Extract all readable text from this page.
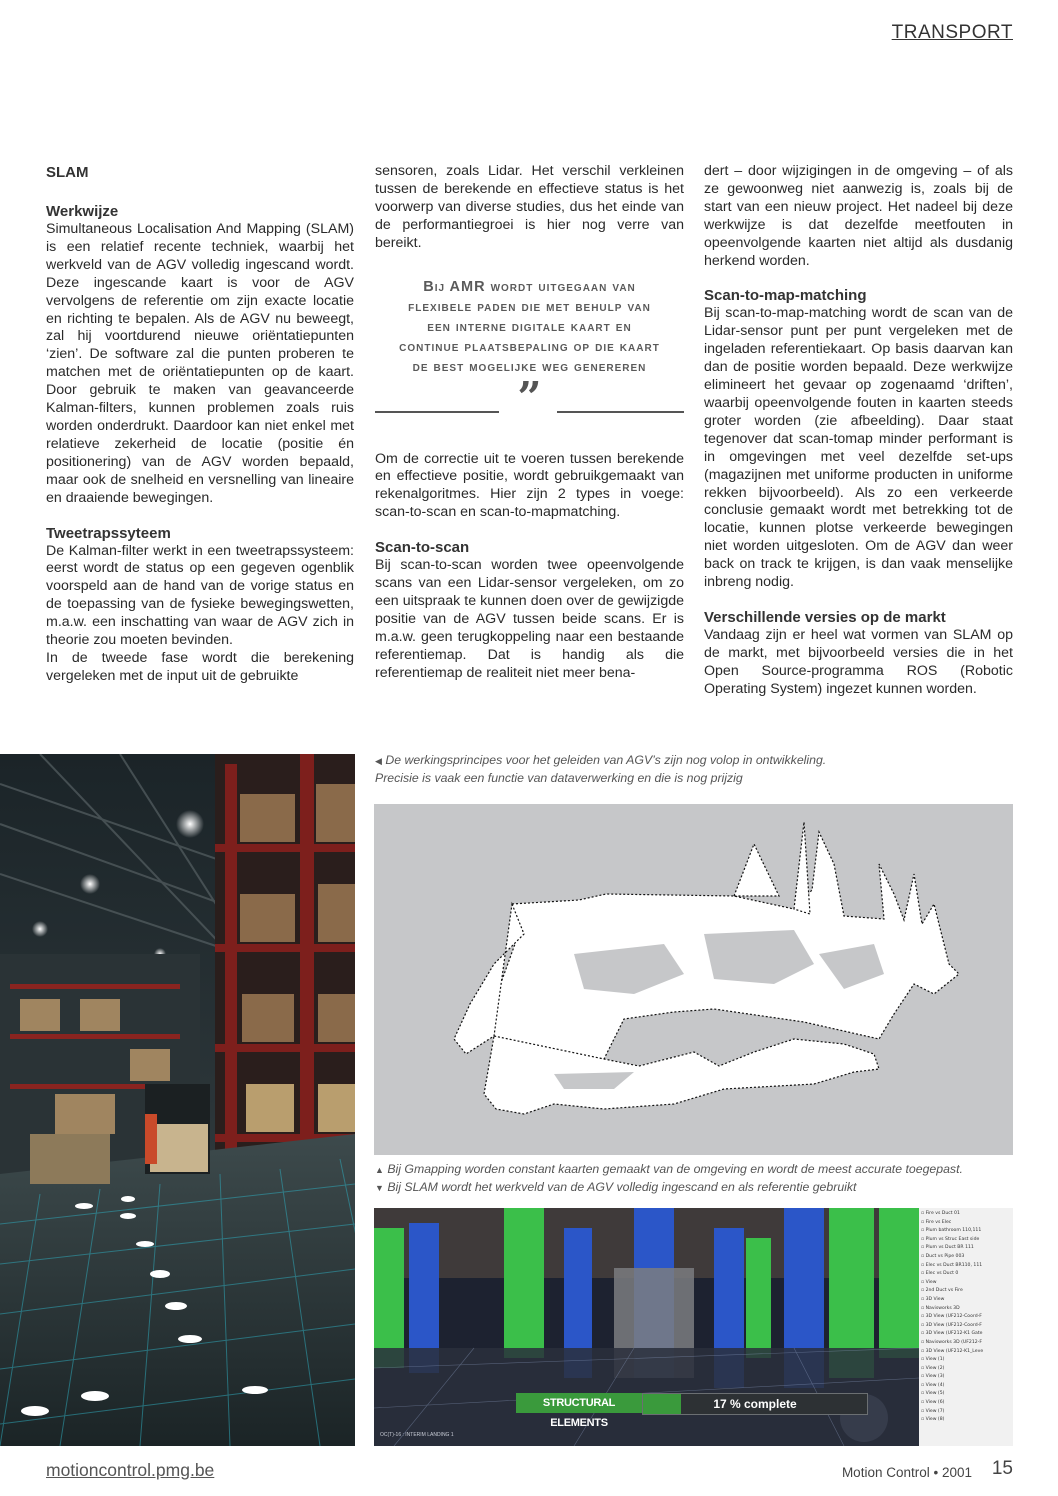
TRANSPORT
SLAM
Werkwijze

Simultaneous Localisation And Mapping (SLAM) is een relatief recente techniek, waarbij het werkveld van de AGV volledig ingescand wordt. Deze ingescande kaart is voor de AGV vervolgens de referentie om zijn exacte locatie en richting te bepalen. Als de AGV nu beweegt, zal hij voortdurend nieuwe oriëntatiepunten ‘zien’. De software zal die punten proberen te matchen met de oriëntatiepunten op de kaart. Door gebruik te maken van geavanceerde Kalman-filters, kunnen problemen zoals ruis worden onderdrukt. Daardoor kan niet enkel met relatieve zekerheid de locatie (positie én positionering) van de AGV worden bepaald, maar ook de snelheid en versnelling van lineaire en draaiende bewegingen.

Tweetrapssyteem

De Kalman-filter werkt in een tweetrapssysteem: eerst wordt de status op een gegeven ogenblik voorspeld aan de hand van de vorige status en de toepassing van de fysieke bewegingswetten, m.a.w. een inschatting van waar de AGV zich in theorie zou moeten bevinden.

In de tweede fase wordt die berekening vergeleken met de input uit de gebruikte

sensoren, zoals Lidar. Het verschil verkleinen tussen de berekende en effectieve status is het voorwerp van diverse studies, dus het einde van de performantiegroei is hier nog verre van bereikt.

Bij AMR wordt uitgegaan van flexibele paden die met behulp van een interne digitale kaart en continue plaatsbepaling op die kaart de best mogelijke weg genereren
”

Om de correctie uit te voeren tussen berekende en effectieve positie, wordt gebruikgemaakt van rekenalgoritmes. Hier zijn 2 types in voege: scan-to-scan en scan-to-mapmatching.

Scan-to-scan

Bij scan-to-scan worden twee opeenvolgende scans van een Lidar-sensor vergeleken, om zo een uitspraak te kunnen doen over de gewijzigde positie van de AGV tussen beide scans. Er is m.a.w. geen terugkoppeling naar een bestaande referentiemap. Dat is handig als die referentiemap de realiteit niet meer bena-

dert – door wijzigingen in de omgeving – of als ze gewoonweg niet aanwezig is, zoals bij de start van een nieuw project. Het nadeel bij deze werkwijze is dat dezelfde meetfouten in opeenvolgende kaarten niet altijd als dusdanig herkend worden.

Scan-to-map-matching

Bij scan-to-map-matching wordt de scan van de Lidar-sensor punt per punt vergeleken met de ingeladen referentiekaart. Op basis daarvan kan dan de positie worden bepaald. Deze werkwijze elimineert het gevaar op zogenaamd ‘driften’, waarbij opeenvolgende fouten in kaarten steeds groter worden (zie afbeelding). Daar staat tegenover dat scan-tomap minder performant is in omgevingen met veel dezelfde set-ups (magazijnen met uniforme producten in uniforme rekken bijvoorbeeld). Als zo een verkeerde conclusie gemaakt wordt met betrekking tot de locatie, kunnen plotse verkeerde bewegingen niet worden uitgesloten. Om de AGV dan weer back on track te krijgen, is dan vaak menselijke inbreng nodig.

Verschillende versies op de markt

Vandaag zijn er heel wat vormen van SLAM op de markt, met bijvoorbeeld versies die in het Open Source-programma ROS (Robotic Operating System) ingezet kunnen worden.

◀ De werkingsprincipes voor het geleiden van AGV’s zijn nog volop in ontwikkeling.
Precisie is vaak een functie van dataverwerking en die is nog prijzig
▲ Bij Gmapping worden constant kaarten gemaakt van de omgeving en wordt de meest accurate toegepast.
▼ Bij SLAM wordt het werkveld van de AGV volledig ingescand en als referentie gebruikt
STRUCTURAL ELEMENTS
17 % complete
OC(T)-16 : INTERIM LANDING 1
▫ Fire vs Duct 01
▫ Fire vs Elec
▫ Plum bathroom 110,111
▫ Plum vs Struc East side
▫ Plum vs Duct BR 111
▫ Duct vs Pipe 003
▫ Elec vs Duct BR110, 111
▫ Elec vs Duct 0
▫ View
▫ 2nd Duct vs Fire
▫ 3D View
▫ Navisworks 3D
▫ 3D View (UF212-Coord-F
▫ 3D View (UF212-Coord-F
▫ 3D View (UF212-K1 Gate
▫ Navisworks 3D (UF212-F
▫ 3D View (UF212-K1_Leve
▫ View (1)
▫ View (2)
▫ View (3)
▫ View (4)
▫ View (5)
▫ View (6)
▫ View (7)
▫ View (8)
motioncontrol.pmg.be	Motion Control • 2001 15
